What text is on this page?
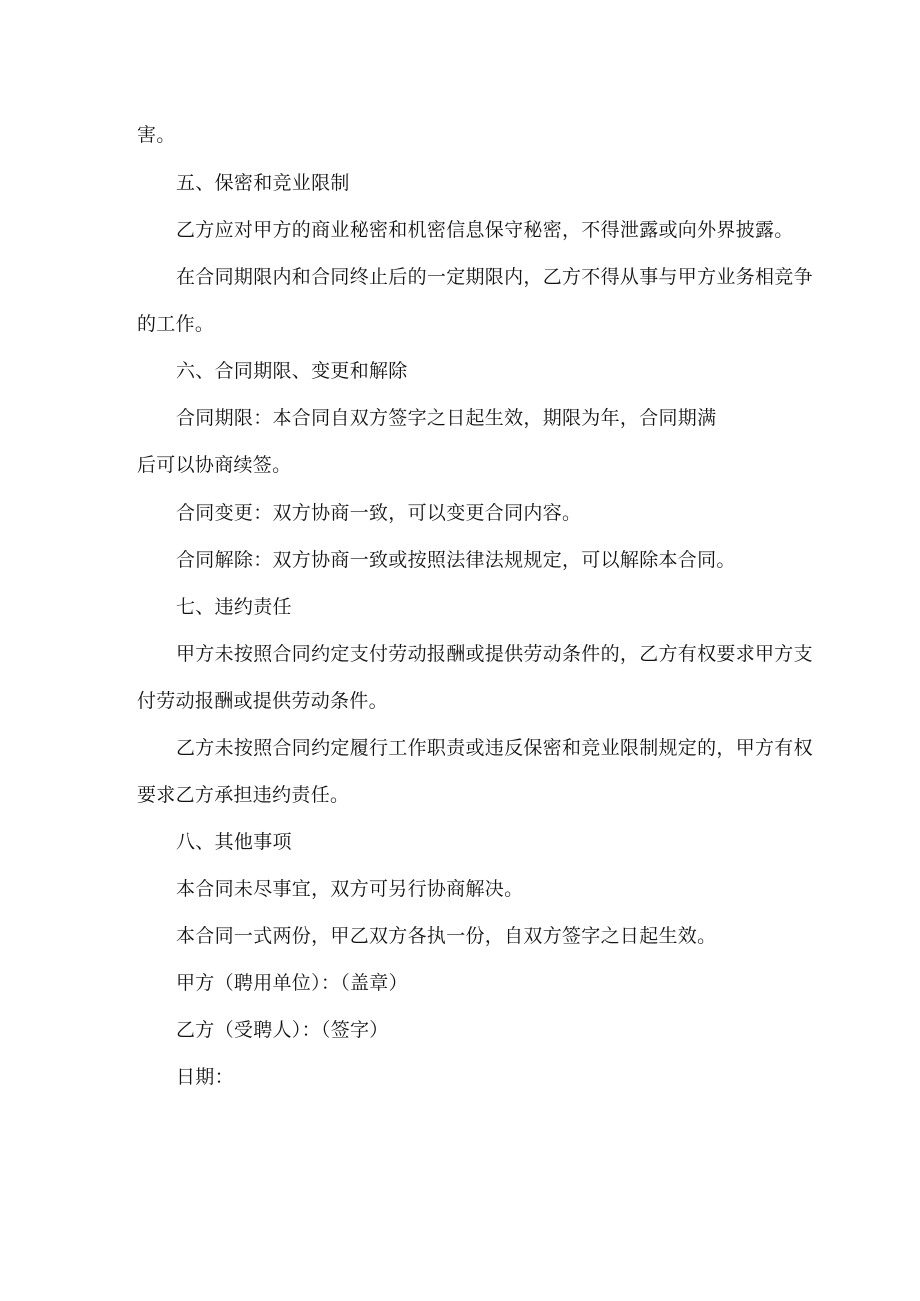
害。
五、保密和竞业限制
乙方应对甲方的商业秘密和机密信息保守秘密，不得泄露或向外界披露。
在合同期限内和合同终止后的一定期限内，乙方不得从事与甲方业务相竞争
的工作。
六、合同期限、变更和解除
合同期限：本合同自双方签字之日起生效，期限为年，合同期满
后可以协商续签。
合同变更：双方协商一致，可以变更合同内容。
合同解除：双方协商一致或按照法律法规规定，可以解除本合同。
七、违约责任
甲方未按照合同约定支付劳动报酬或提供劳动条件的，乙方有权要求甲方支
付劳动报酬或提供劳动条件。
乙方未按照合同约定履行工作职责或违反保密和竞业限制规定的，甲方有权
要求乙方承担违约责任。
八、其他事项
本合同未尽事宜，双方可另行协商解决。
本合同一式两份，甲乙双方各执一份，自双方签字之日起生效。
甲方（聘用单位）：（盖章）
乙方（受聘人）：（签字）
日期：
